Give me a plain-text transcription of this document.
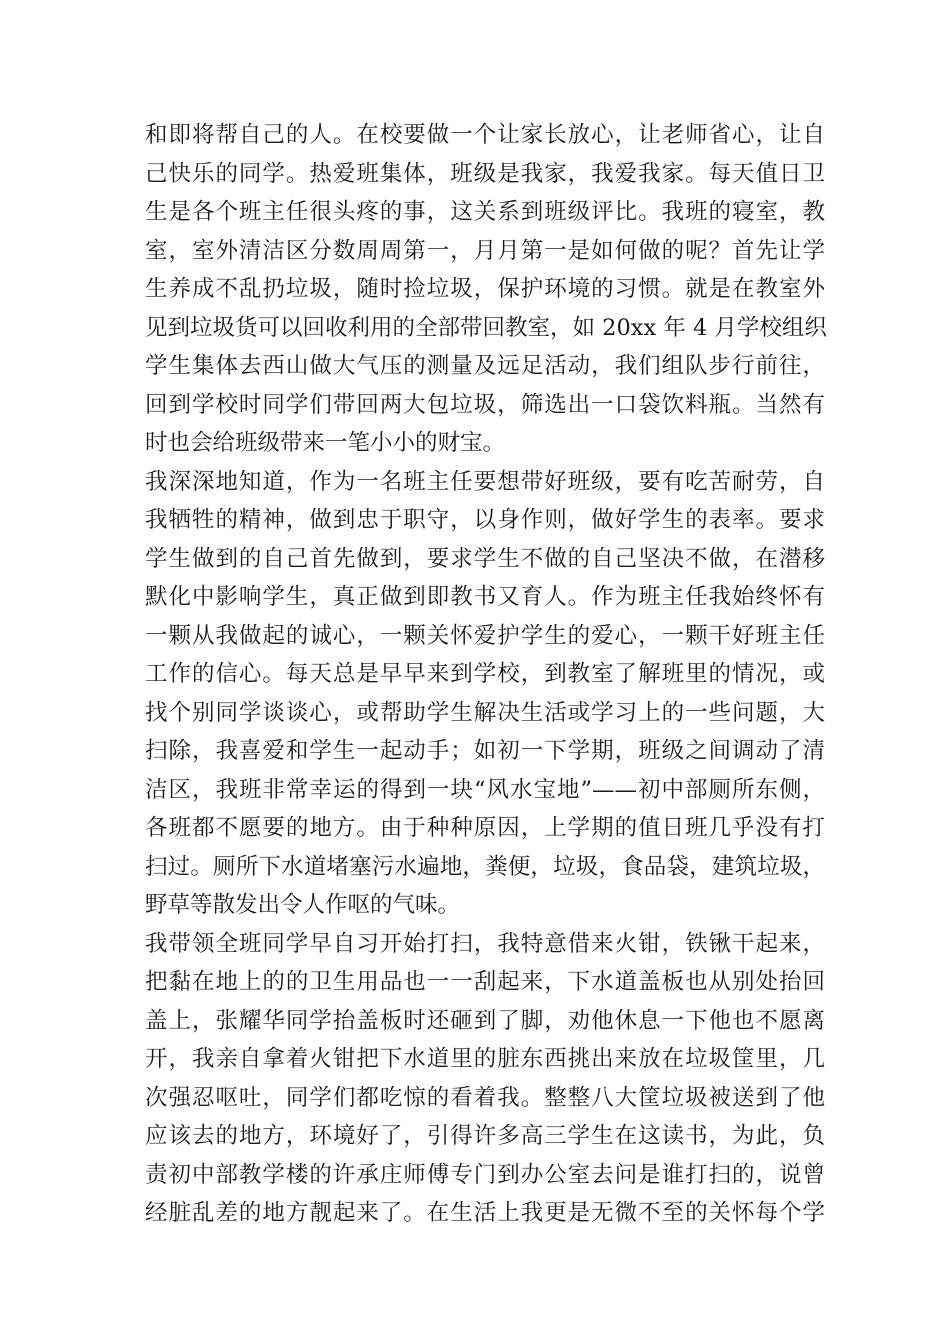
和即将帮自己的人。在校要做一个让家长放心，让老师省心，让自
己快乐的同学。热爱班集体，班级是我家，我爱我家。每天值日卫
生是各个班主任很头疼的事，这关系到班级评比。我班的寝室，教
室，室外清洁区分数周周第一，月月第一是如何做的呢？首先让学
生养成不乱扔垃圾，随时捡垃圾，保护环境的习惯。就是在教室外
见到垃圾货可以回收利用的全部带回教室，如 20xx 年 4 月学校组织
学生集体去西山做大气压的测量及远足活动，我们组队步行前往，
回到学校时同学们带回两大包垃圾，筛选出一口袋饮料瓶。当然有
时也会给班级带来一笔小小的财宝。
我深深地知道，作为一名班主任要想带好班级，要有吃苦耐劳，自
我牺牲的精神，做到忠于职守，以身作则，做好学生的表率。要求
学生做到的自己首先做到，要求学生不做的自己坚决不做，在潜移
默化中影响学生，真正做到即教书又育人。作为班主任我始终怀有
一颗从我做起的诚心，一颗关怀爱护学生的爱心，一颗干好班主任
工作的信心。每天总是早早来到学校，到教室了解班里的情况，或
找个别同学谈谈心，或帮助学生解决生活或学习上的一些问题，大
扫除，我喜爱和学生一起动手；如初一下学期，班级之间调动了清
洁区，我班非常幸运的得到一块“风水宝地”——初中部厕所东侧，
各班都不愿要的地方。由于种种原因，上学期的值日班几乎没有打
扫过。厕所下水道堵塞污水遍地，粪便，垃圾，食品袋，建筑垃圾，
野草等散发出令人作呕的气味。
我带领全班同学早自习开始打扫，我特意借来火钳，铁锹干起来，
把黏在地上的的卫生用品也一一刮起来，下水道盖板也从别处抬回
盖上，张耀华同学抬盖板时还砸到了脚，劝他休息一下他也不愿离
开，我亲自拿着火钳把下水道里的脏东西挑出来放在垃圾筐里，几
次强忍呕吐，同学们都吃惊的看着我。整整八大筐垃圾被送到了他
应该去的地方，环境好了，引得许多高三学生在这读书，为此，负
责初中部教学楼的许承庄师傅专门到办公室去问是谁打扫的，说曾
经脏乱差的地方靓起来了。在生活上我更是无微不至的关怀每个学
